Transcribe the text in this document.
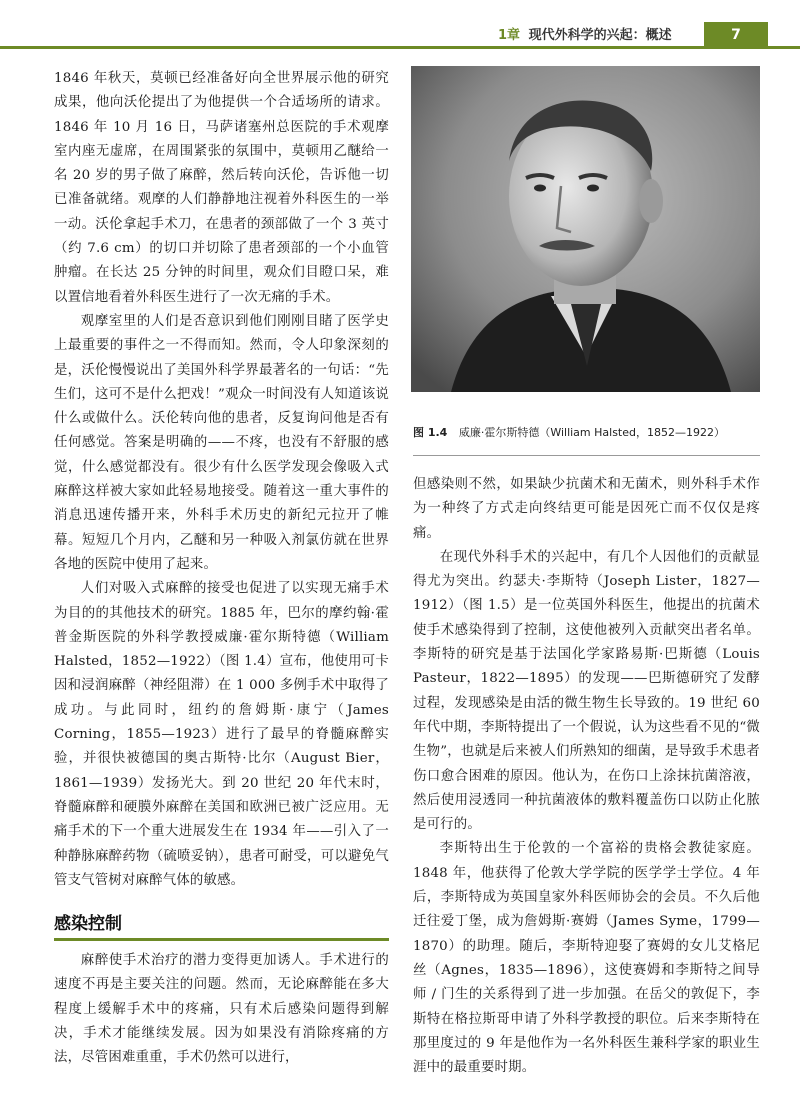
1章 现代外科学的兴起：概述	7

1846 年秋天，莫顿已经准备好向全世界展示他的研究成果，他向沃伦提出了为他提供一个合适场所的请求。1846 年 10 月 16 日，马萨诸塞州总医院的手术观摩室内座无虚席，在周围紧张的氛围中，莫顿用乙醚给一名 20 岁的男子做了麻醉，然后转向沃伦，告诉他一切已准备就绪。观摩的人们静静地注视着外科医生的一举一动。沃伦拿起手术刀，在患者的颈部做了一个 3 英寸（约 7.6 cm）的切口并切除了患者颈部的一个小血管肿瘤。在长达 25 分钟的时间里，观众们目瞪口呆，难以置信地看着外科医生进行了一次无痛的手术。

观摩室里的人们是否意识到他们刚刚目睹了医学史上最重要的事件之一不得而知。然而，令人印象深刻的是，沃伦慢慢说出了美国外科学界最著名的一句话：“先生们，这可不是什么把戏！”观众一时间没有人知道该说什么或做什么。沃伦转向他的患者，反复询问他是否有任何感觉。答案是明确的——不疼，也没有不舒服的感觉，什么感觉都没有。很少有什么医学发现会像吸入式麻醉这样被大家如此轻易地接受。随着这一重大事件的消息迅速传播开来，外科手术历史的新纪元拉开了帷幕。短短几个月内，乙醚和另一种吸入剂氯仿就在世界各地的医院中使用了起来。

人们对吸入式麻醉的接受也促进了以实现无痛手术为目的的其他技术的研究。1885 年，巴尔的摩约翰·霍普金斯医院的外科学教授威廉·霍尔斯特德（William Halsted，1852—1922）（图 1.4）宣布，他使用可卡因和浸润麻醉（神经阻滞）在 1 000 多例手术中取得了成功。与此同时，纽约的詹姆斯·康宁（James Corning，1855—1923）进行了最早的脊髓麻醉实验，并很快被德国的奥古斯特·比尔（August Bier，1861—1939）发扬光大。到 20 世纪 20 年代末时，脊髓麻醉和硬膜外麻醉在美国和欧洲已被广泛应用。无痛手术的下一个重大进展发生在 1934 年——引入了一种静脉麻醉药物（硫喷妥钠），患者可耐受，可以避免气管支气管树对麻醉气体的敏感。

感染控制

麻醉使手术治疗的潜力变得更加诱人。手术进行的速度不再是主要关注的问题。然而，无论麻醉能在多大程度上缓解手术中的疼痛，只有术后感染问题得到解决，手术才能继续发展。因为如果没有消除疼痛的方法，尽管困难重重，手术仍然可以进行，

图 1.4 威廉·霍尔斯特德（William Halsted，1852—1922）

但感染则不然，如果缺少抗菌术和无菌术，则外科手术作为一种终了方式走向终结更可能是因死亡而不仅仅是疼痛。

在现代外科手术的兴起中，有几个人因他们的贡献显得尤为突出。约瑟夫·李斯特（Joseph Lister，1827—1912）（图 1.5）是一位英国外科医生，他提出的抗菌术使手术感染得到了控制，这使他被列入贡献突出者名单。李斯特的研究是基于法国化学家路易斯·巴斯德（Louis Pasteur，1822—1895）的发现——巴斯德研究了发酵过程，发现感染是由活的微生物生长导致的。19 世纪 60 年代中期，李斯特提出了一个假说，认为这些看不见的“微生物”，也就是后来被人们所熟知的细菌，是导致手术患者伤口愈合困难的原因。他认为，在伤口上涂抹抗菌溶液，然后使用浸透同一种抗菌液体的敷料覆盖伤口以防止化脓是可行的。

李斯特出生于伦敦的一个富裕的贵格会教徒家庭。1848 年，他获得了伦敦大学学院的医学学士学位。4 年后，李斯特成为英国皇家外科医师协会的会员。不久后他迁往爱丁堡，成为詹姆斯·赛姆（James Syme，1799—1870）的助理。随后，李斯特迎娶了赛姆的女儿艾格尼丝（Agnes，1835—1896），这使赛姆和李斯特之间导师 / 门生的关系得到了进一步加强。在岳父的敦促下，李斯特在格拉斯哥申请了外科学教授的职位。后来李斯特在那里度过的 9 年是他作为一名外科医生兼科学家的职业生涯中的最重要时期。
